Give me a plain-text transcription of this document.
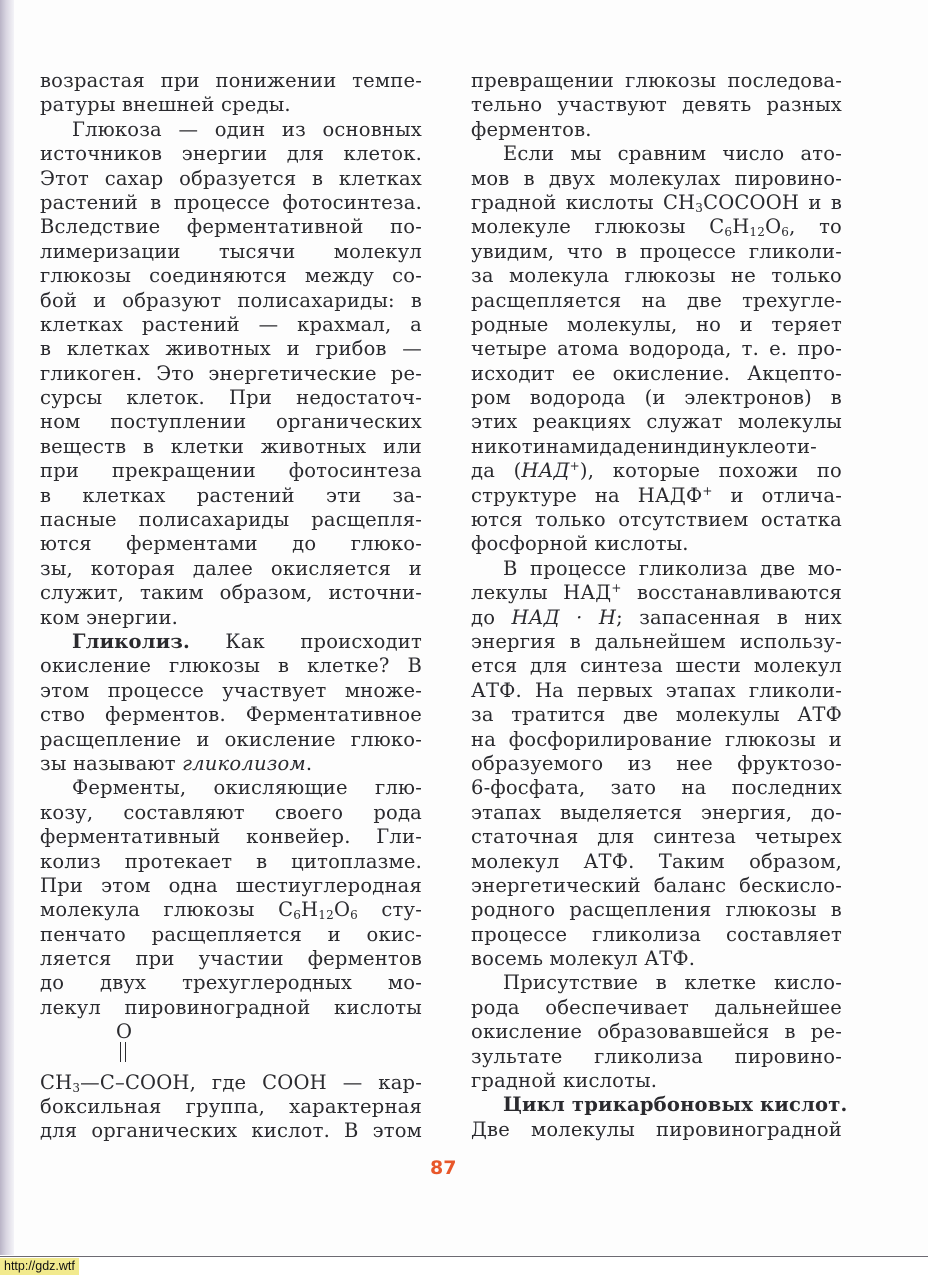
возрастая при понижении темпе-
ратуры внешней среды.
Глюкоза — один из основных
источников энергии для клеток.
Этот сахар образуется в клетках
растений в процессе фотосинтеза.
Вследствие ферментативной по-
лимеризации тысячи молекул
глюкозы соединяются между со-
бой и образуют полисахариды: в
клетках растений — крахмал, а
в клетках животных и грибов —
гликоген. Это энергетические ре-
сурсы клеток. При недостаточ-
ном поступлении органических
веществ в клетки животных или
при прекращении фотосинтеза
в клетках растений эти за-
пасные полисахариды расщепля-
ются ферментами до глюко-
зы, которая далее окисляется и
служит, таким образом, источни-
ком энергии.
Гликолиз. Как происходит
окисление глюкозы в клетке? В
этом процессе участвует множе-
ство ферментов. Ферментативное
расщепление и окисление глюко-
зы называют гликолизом.
Ферменты, окисляющие глю-
козу, составляют своего рода
ферментативный конвейер. Гли-
колиз протекает в цитоплазме.
При этом одна шестиуглеродная
молекула глюкозы $C_6H_{12}O_6$ сту-
пенчато расщепляется и окис-
ляется при участии ферментов
до двух трехуглеродных мо-
лекул пировиноградной кислоты
O
$CH_3—C$–COOH, где COOH — кар-
боксильная группа, характерная
для органических кислот. В этом
превращении глюкозы последова-
тельно участвуют девять разных
ферментов.
Если мы сравним число ато-
мов в двух молекулах пировино-
градной кислоты $CH_3COCOOH$ и в
молекуле глюкозы $C_6H_{12}O_6$, то
увидим, что в процессе гликоли-
за молекула глюкозы не только
расщепляется на две трехугле-
родные молекулы, но и теряет
четыре атома водорода, т. е. про-
исходит ее окисление. Акцепто-
ром водорода (и электронов) в
этих реакциях служат молекулы
никотинамидадениндинуклеоти-
да (НАД+), которые похожи по
структуре на НАДФ+ и отлича-
ются только отсутствием остатка
фосфорной кислоты.
В процессе гликолиза две мо-
лекулы НАД+ восстанавливаются
до НАД · H; запасенная в них
энергия в дальнейшем использу-
ется для синтеза шести молекул
АТФ. На первых этапах гликоли-
за тратится две молекулы АТФ
на фосфорилирование глюкозы и
образуемого из нее фруктозо-
6-фосфата, зато на последних
этапах выделяется энергия, до-
статочная для синтеза четырех
молекул АТФ. Таким образом,
энергетический баланс бескисло-
родного расщепления глюкозы в
процессе гликолиза составляет
восемь молекул АТФ.
Присутствие в клетке кисло-
рода обеспечивает дальнейшее
окисление образовавшейся в ре-
зультате гликолиза пировино-
градной кислоты.
Цикл трикарбоновых кислот.
Две молекулы пировиноградной
87
http://gdz.wtf
